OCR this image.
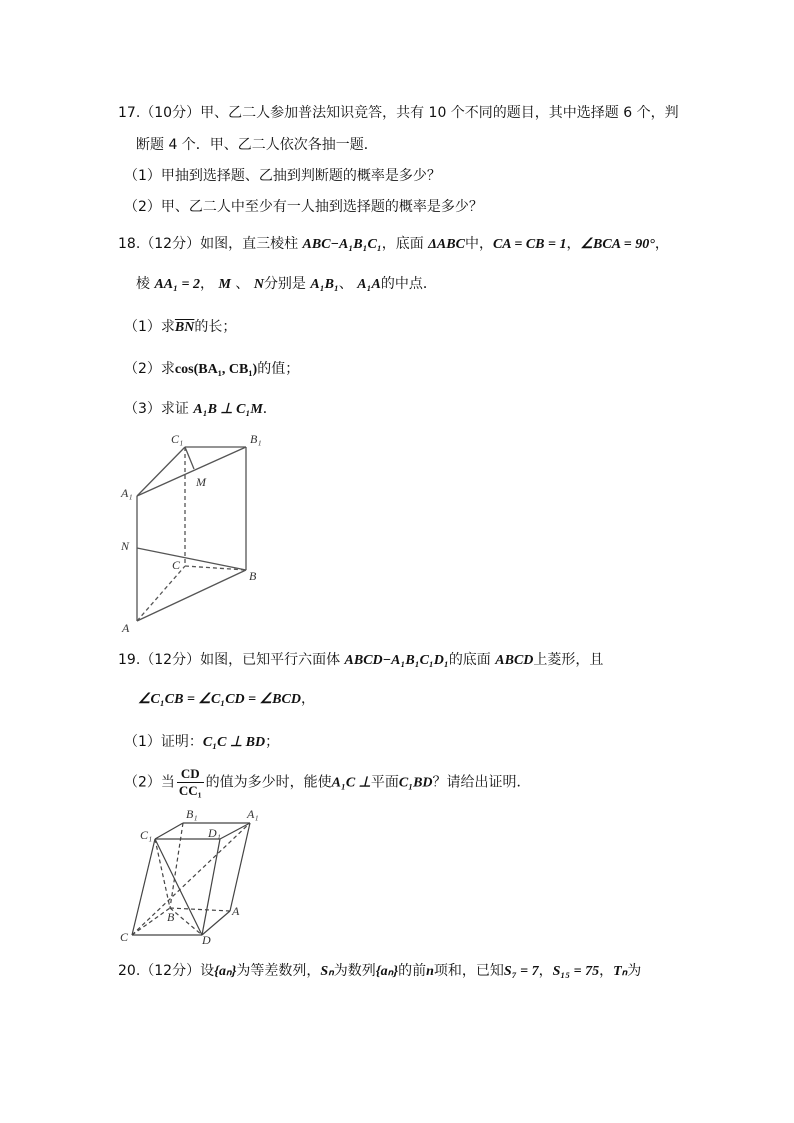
17.（10分）甲、乙二人参加普法知识竞答，共有 10 个不同的题目，其中选择题 6 个，判
断题 4 个．甲、乙二人依次各抽一题．
（1）甲抽到选择题、乙抽到判断题的概率是多少？
（2）甲、乙二人中至少有一人抽到选择题的概率是多少？
18.（12分）如图，直三棱柱 ABC−A₁B₁C₁，底面 ΔABC中，CA = CB = 1，∠BCA = 90°，
棱 AA₁ = 2， M 、 N分别是 A₁B₁、 A₁A的中点．
（1）求$\overline{BN}$的长；
（2）求cos(BA₁, CB₁)的值；
（3）求证 A₁B ⊥ C₁M．
C₁	B₁
A₁
M
N
C
B
A
19.（12分）如图，已知平行六面体 ABCD−A₁B₁C₁D₁的底面 ABCD上菱形，且
∠C₁CB = ∠C₁CD = ∠BCD，
（1）证明：C₁C ⊥ BD；
（2）当 $\frac{CD}{\text{CC₁}}$ 的值为多少时，能使A₁C ⊥平面C₁BD？请给出证明．
B₁
D₁
A₁
C₁
B	A
C	D
20.（12分）设{aₙ}为等差数列，Sₙ为数列{aₙ}的前n项和，已知S₇ = 7，S₁₅ = 75，Tₙ为
